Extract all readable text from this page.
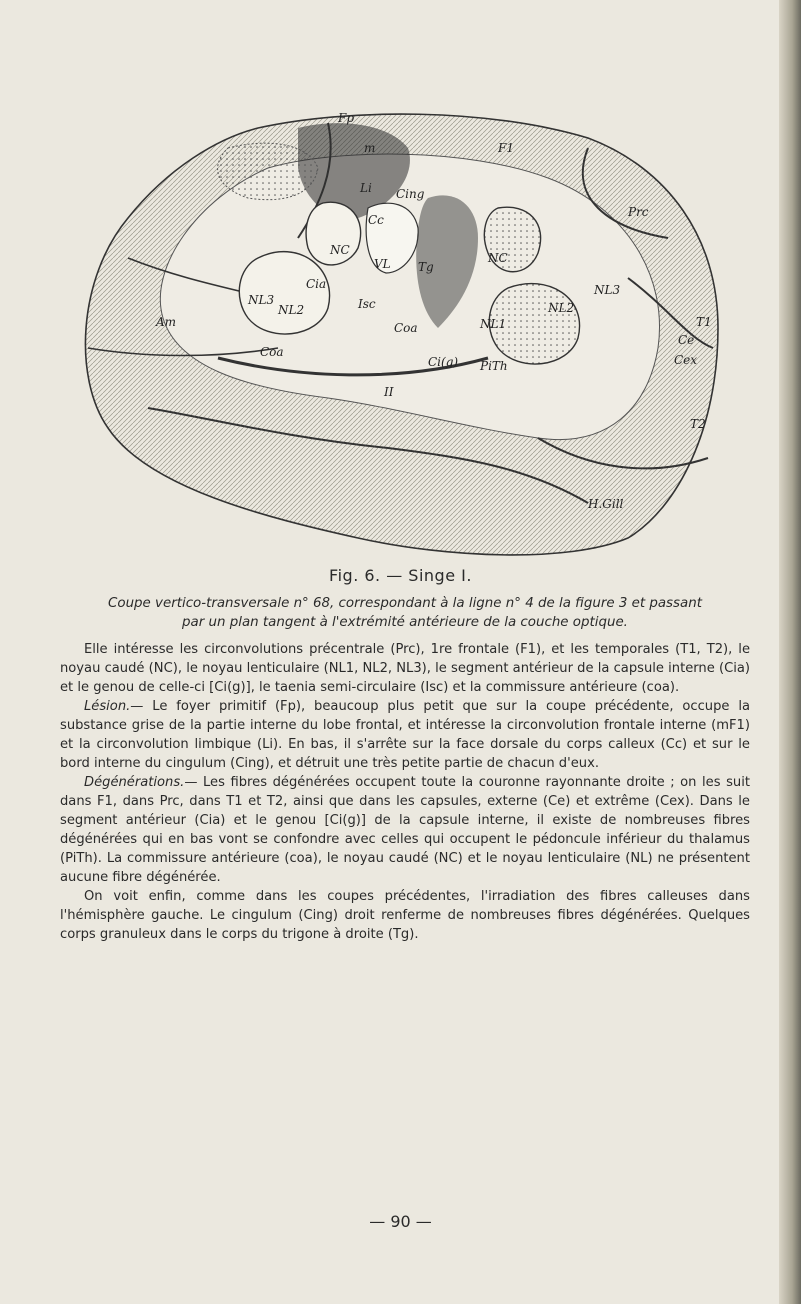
Fp
F1
m
Li Cing
Cc
Prc
NC
VL Tg
NC
Cia
NL3
NL2	Isc	NL2
NL3
T1
Am	Coa	NL1
Ce
Cex
Coa
Ci(g) PiTh
II
T2
H.Gill
Fig. 6. — Singe I.
Coupe vertico-transversale n° 68, correspondant à la ligne n° 4 de la figure 3 et passant
par un plan tangent à l'extrémité antérieure de la couche optique.

Elle intéresse les circonvolutions précentrale (Prc), 1re frontale (F1), et les temporales (T1, T2), le noyau caudé (NC), le noyau lenticulaire (NL1, NL2, NL3), le segment antérieur de la capsule interne (Cia) et le genou de celle-ci [Ci(g)], le taenia semi-circulaire (Isc) et la commissure antérieure (coa).

Lésion.— Le foyer primitif (Fp), beaucoup plus petit que sur la coupe précédente, occupe la substance grise de la partie interne du lobe frontal, et intéresse la circonvolution frontale interne (mF1) et la circonvolution limbique (Li). En bas, il s'arrête sur la face dorsale du corps calleux (Cc) et sur le bord interne du cingulum (Cing), et détruit une très petite partie de chacun d'eux.

Dégénérations.— Les fibres dégénérées occupent toute la couronne rayonnante droite ; on les suit dans F1, dans Prc, dans T1 et T2, ainsi que dans les capsules, externe (Ce) et extrême (Cex). Dans le segment antérieur (Cia) et le genou [Ci(g)] de la capsule interne, il existe de nombreuses fibres dégénérées qui en bas vont se confondre avec celles qui occupent le pédoncule inférieur du thalamus (PiTh). La commissure antérieure (coa), le noyau caudé (NC) et le noyau lenticulaire (NL) ne présentent aucune fibre dégénérée.

On voit enfin, comme dans les coupes précédentes, l'irradiation des fibres calleuses dans l'hémisphère gauche. Le cingulum (Cing) droit renferme de nombreuses fibres dégénérées. Quelques corps granuleux dans le corps du trigone à droite (Tg).

— 90 —
